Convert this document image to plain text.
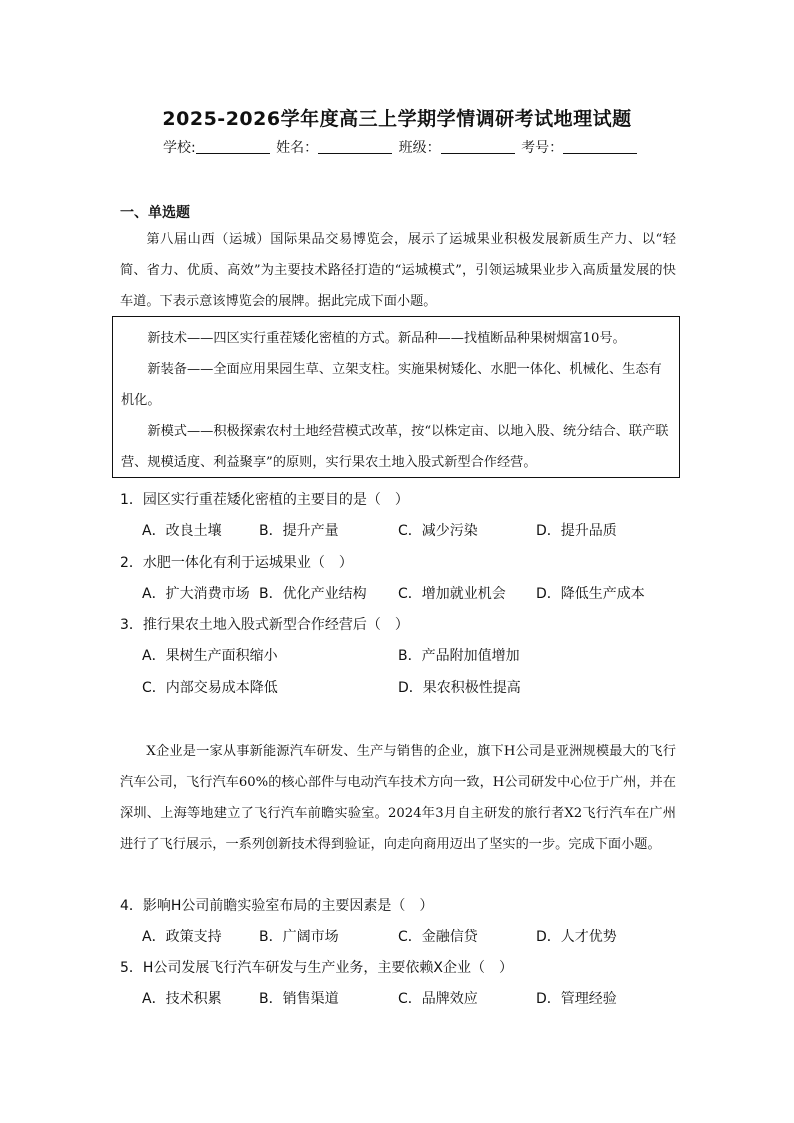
2025-2026学年度高三上学期学情调研考试地理试题
学校:	姓名：	班级：	考号：
一、单选题
第八届山西（运城）国际果品交易博览会，展示了运城果业积极发展新质生产力、以“轻简、省力、优质、高效”为主要技术路径打造的“运城模式”，引领运城果业步入高质量发展的快车道。下表示意该博览会的展牌。据此完成下面小题。

新技术——四区实行重茬矮化密植的方式。新品种——找植断品种果树烟富10号。

新装备——全面应用果园生草、立架支柱。实施果树矮化、水肥一体化、机械化、生态有机化。

新模式——积极探索农村土地经营模式改革，按“以株定亩、以地入股、统分结合、联产联营、规模适度、利益聚享”的原则，实行果农土地入股式新型合作经营。

1．园区实行重茬矮化密植的主要目的是（　）
A．改良土壤	B．提升产量	C．减少污染	D．提升品质
2．水肥一体化有利于运城果业（　）
A．扩大消费市场 B．优化产业结构 C．增加就业机会 D．降低生产成本
3．推行果农土地入股式新型合作经营后（　）
A．果树生产面积缩小	B．产品附加值增加
C．内部交易成本降低	D．果农积极性提高
X企业是一家从事新能源汽车研发、生产与销售的企业，旗下H公司是亚洲规模最大的飞行汽车公司，飞行汽车60%的核心部件与电动汽车技术方向一致，H公司研发中心位于广州，并在深圳、上海等地建立了飞行汽车前瞻实验室。2024年3月自主研发的旅行者X2飞行汽车在广州进行了飞行展示，一系列创新技术得到验证，向走向商用迈出了坚实的一步。完成下面小题。
4．影响H公司前瞻实验室布局的主要因素是（　）
A．政策支持	B．广阔市场	C．金融信贷	D．人才优势
5．H公司发展飞行汽车研发与生产业务，主要依赖X企业（　）
A．技术积累	B．销售渠道	C．品牌效应	D．管理经验
